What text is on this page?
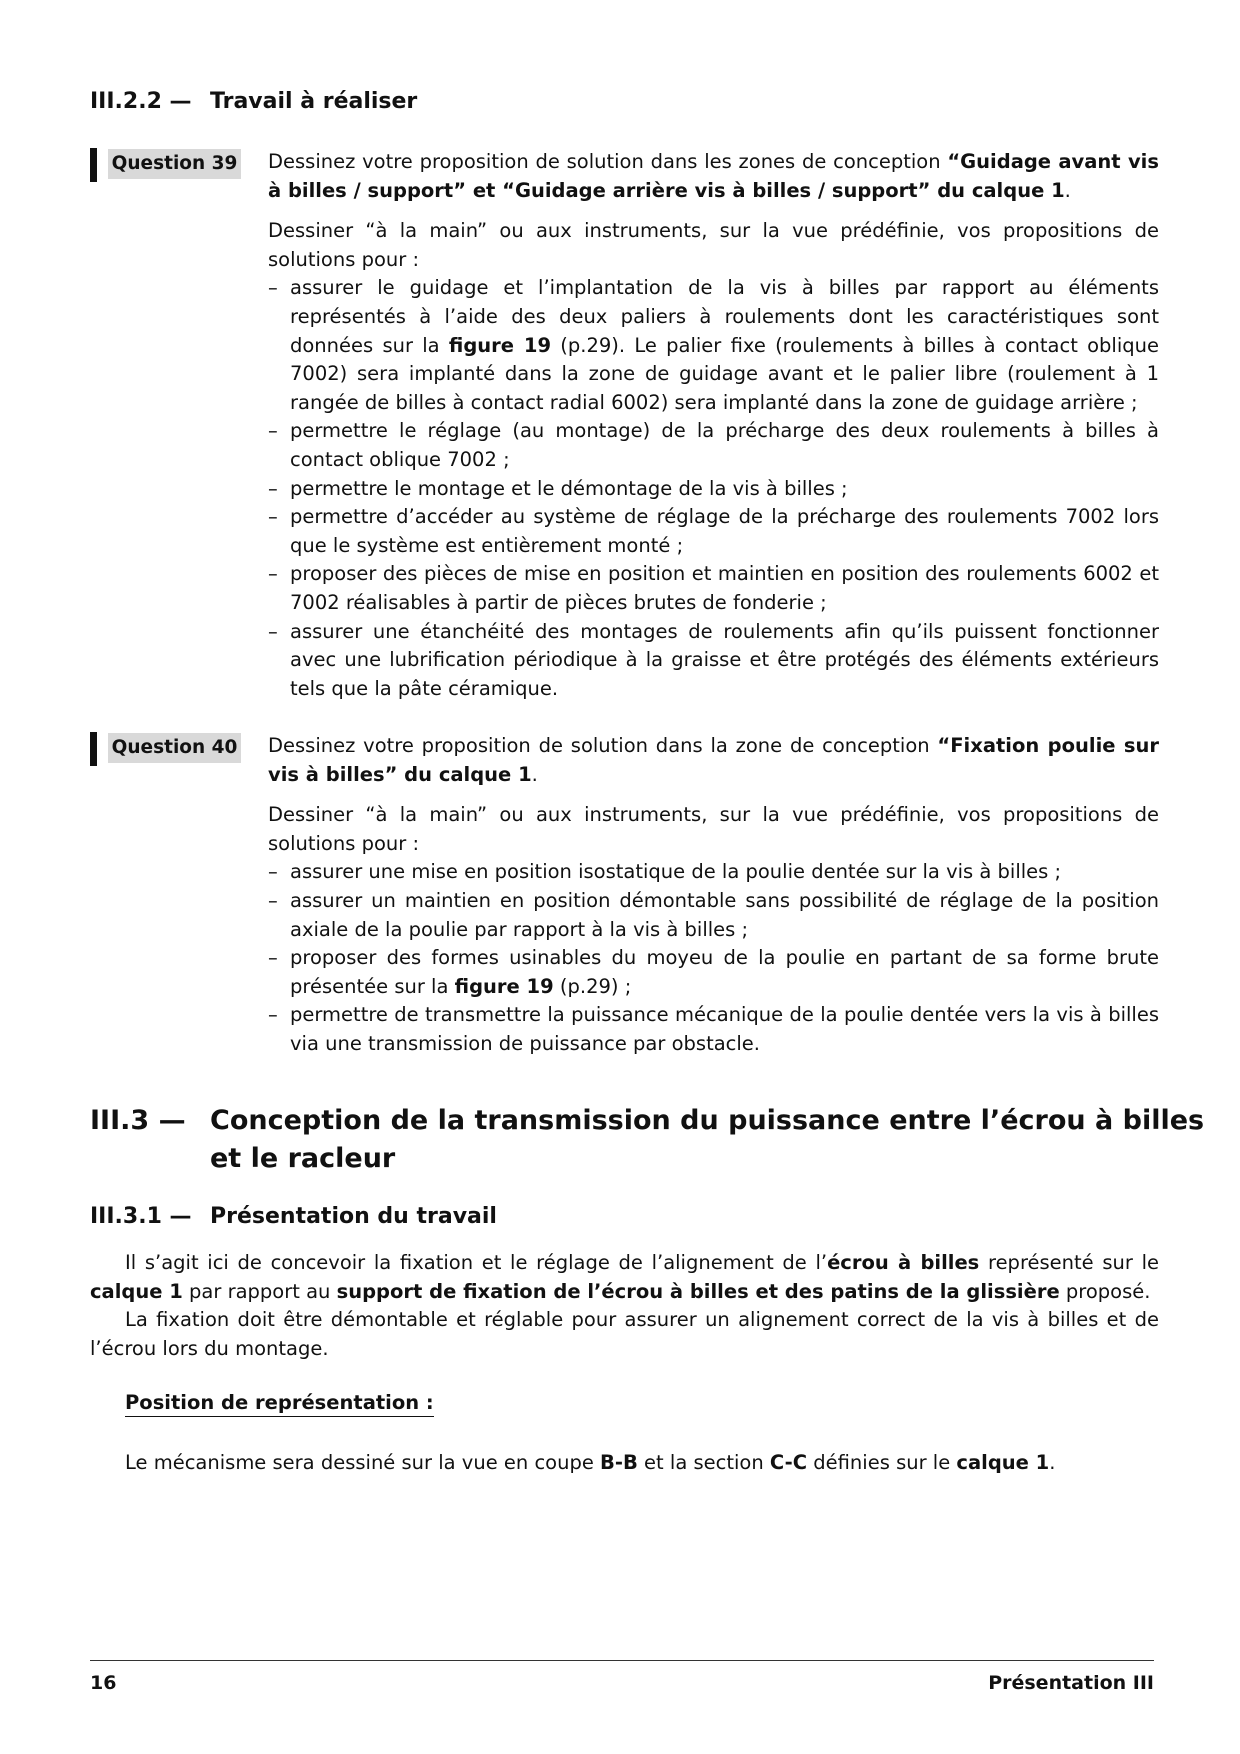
III.2.2 — Travail à réaliser
Question 39 Dessinez votre proposition de solution dans les zones de conception “Guidage avant vis à billes / support” et “Guidage arrière vis à billes / support” du calque 1.

Dessiner “à la main” ou aux instruments, sur la vue prédéfinie, vos propositions de solutions pour :
– assurer le guidage et l’implantation de la vis à billes par rapport au éléments représentés à l’aide des deux paliers à roulements dont les caractéristiques sont données sur la figure 19 (p.29). Le palier fixe (roulements à billes à contact oblique 7002) sera implanté dans la zone de guidage avant et le palier libre (roulement à 1 rangée de billes à contact radial 6002) sera implanté dans la zone de guidage arrière ;
– permettre le réglage (au montage) de la précharge des deux roulements à billes à contact oblique 7002 ;
– permettre le montage et le démontage de la vis à billes ;
– permettre d’accéder au système de réglage de la précharge des roulements 7002 lors que le système est entièrement monté ;
– proposer des pièces de mise en position et maintien en position des roulements 6002 et 7002 réalisables à partir de pièces brutes de fonderie ;
– assurer une étanchéité des montages de roulements afin qu’ils puissent fonctionner avec une lubrification périodique à la graisse et être protégés des éléments extérieurs tels que la pâte céramique.
Question 40 Dessinez votre proposition de solution dans la zone de conception “Fixation poulie sur vis à billes” du calque 1.

Dessiner “à la main” ou aux instruments, sur la vue prédéfinie, vos propositions de solutions pour :
– assurer une mise en position isostatique de la poulie dentée sur la vis à billes ;
– assurer un maintien en position démontable sans possibilité de réglage de la position axiale de la poulie par rapport à la vis à billes ;
– proposer des formes usinables du moyeu de la poulie en partant de sa forme brute présentée sur la figure 19 (p.29) ;
– permettre de transmettre la puissance mécanique de la poulie dentée vers la vis à billes via une transmission de puissance par obstacle.
III.3 — Conception de la transmission du puissance entre l’écrou à billes
et le racleur
III.3.1 — Présentation du travail
Il s’agit ici de concevoir la fixation et le réglage de l’alignement de l’écrou à billes représenté sur le calque 1 par rapport au support de fixation de l’écrou à billes et des patins de la glissière proposé.
La fixation doit être démontable et réglable pour assurer un alignement correct de la vis à billes et de l’écrou lors du montage.
Position de représentation :
Le mécanisme sera dessiné sur la vue en coupe B-B et la section C-C définies sur le calque 1.
16	Présentation III
